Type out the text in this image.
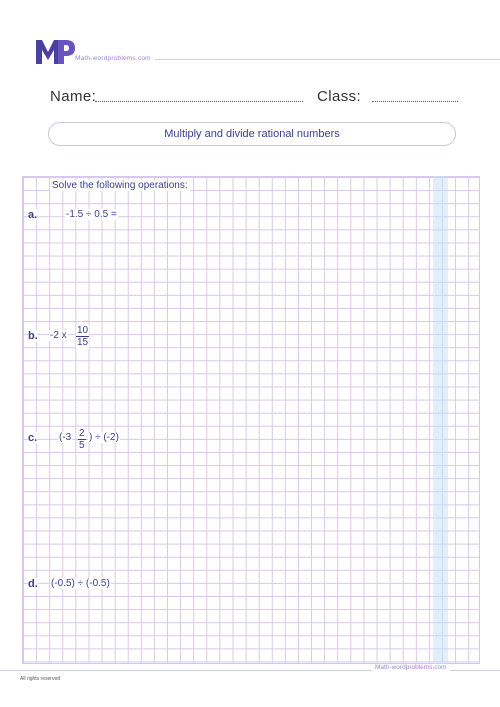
Math-wordproblems.com
Name:	Class:
Multiply and divide rational numbers
Solve the following operations:
a.	-1.5 ÷ 0.5 =
b. -2 x $\frac{10}{15}$
c. ($-3 \frac{2}{5}$ ) ÷ (-2)
d. (-0.5) ÷ (-0.5)
Math-wordproblems.com
All rights reserved
